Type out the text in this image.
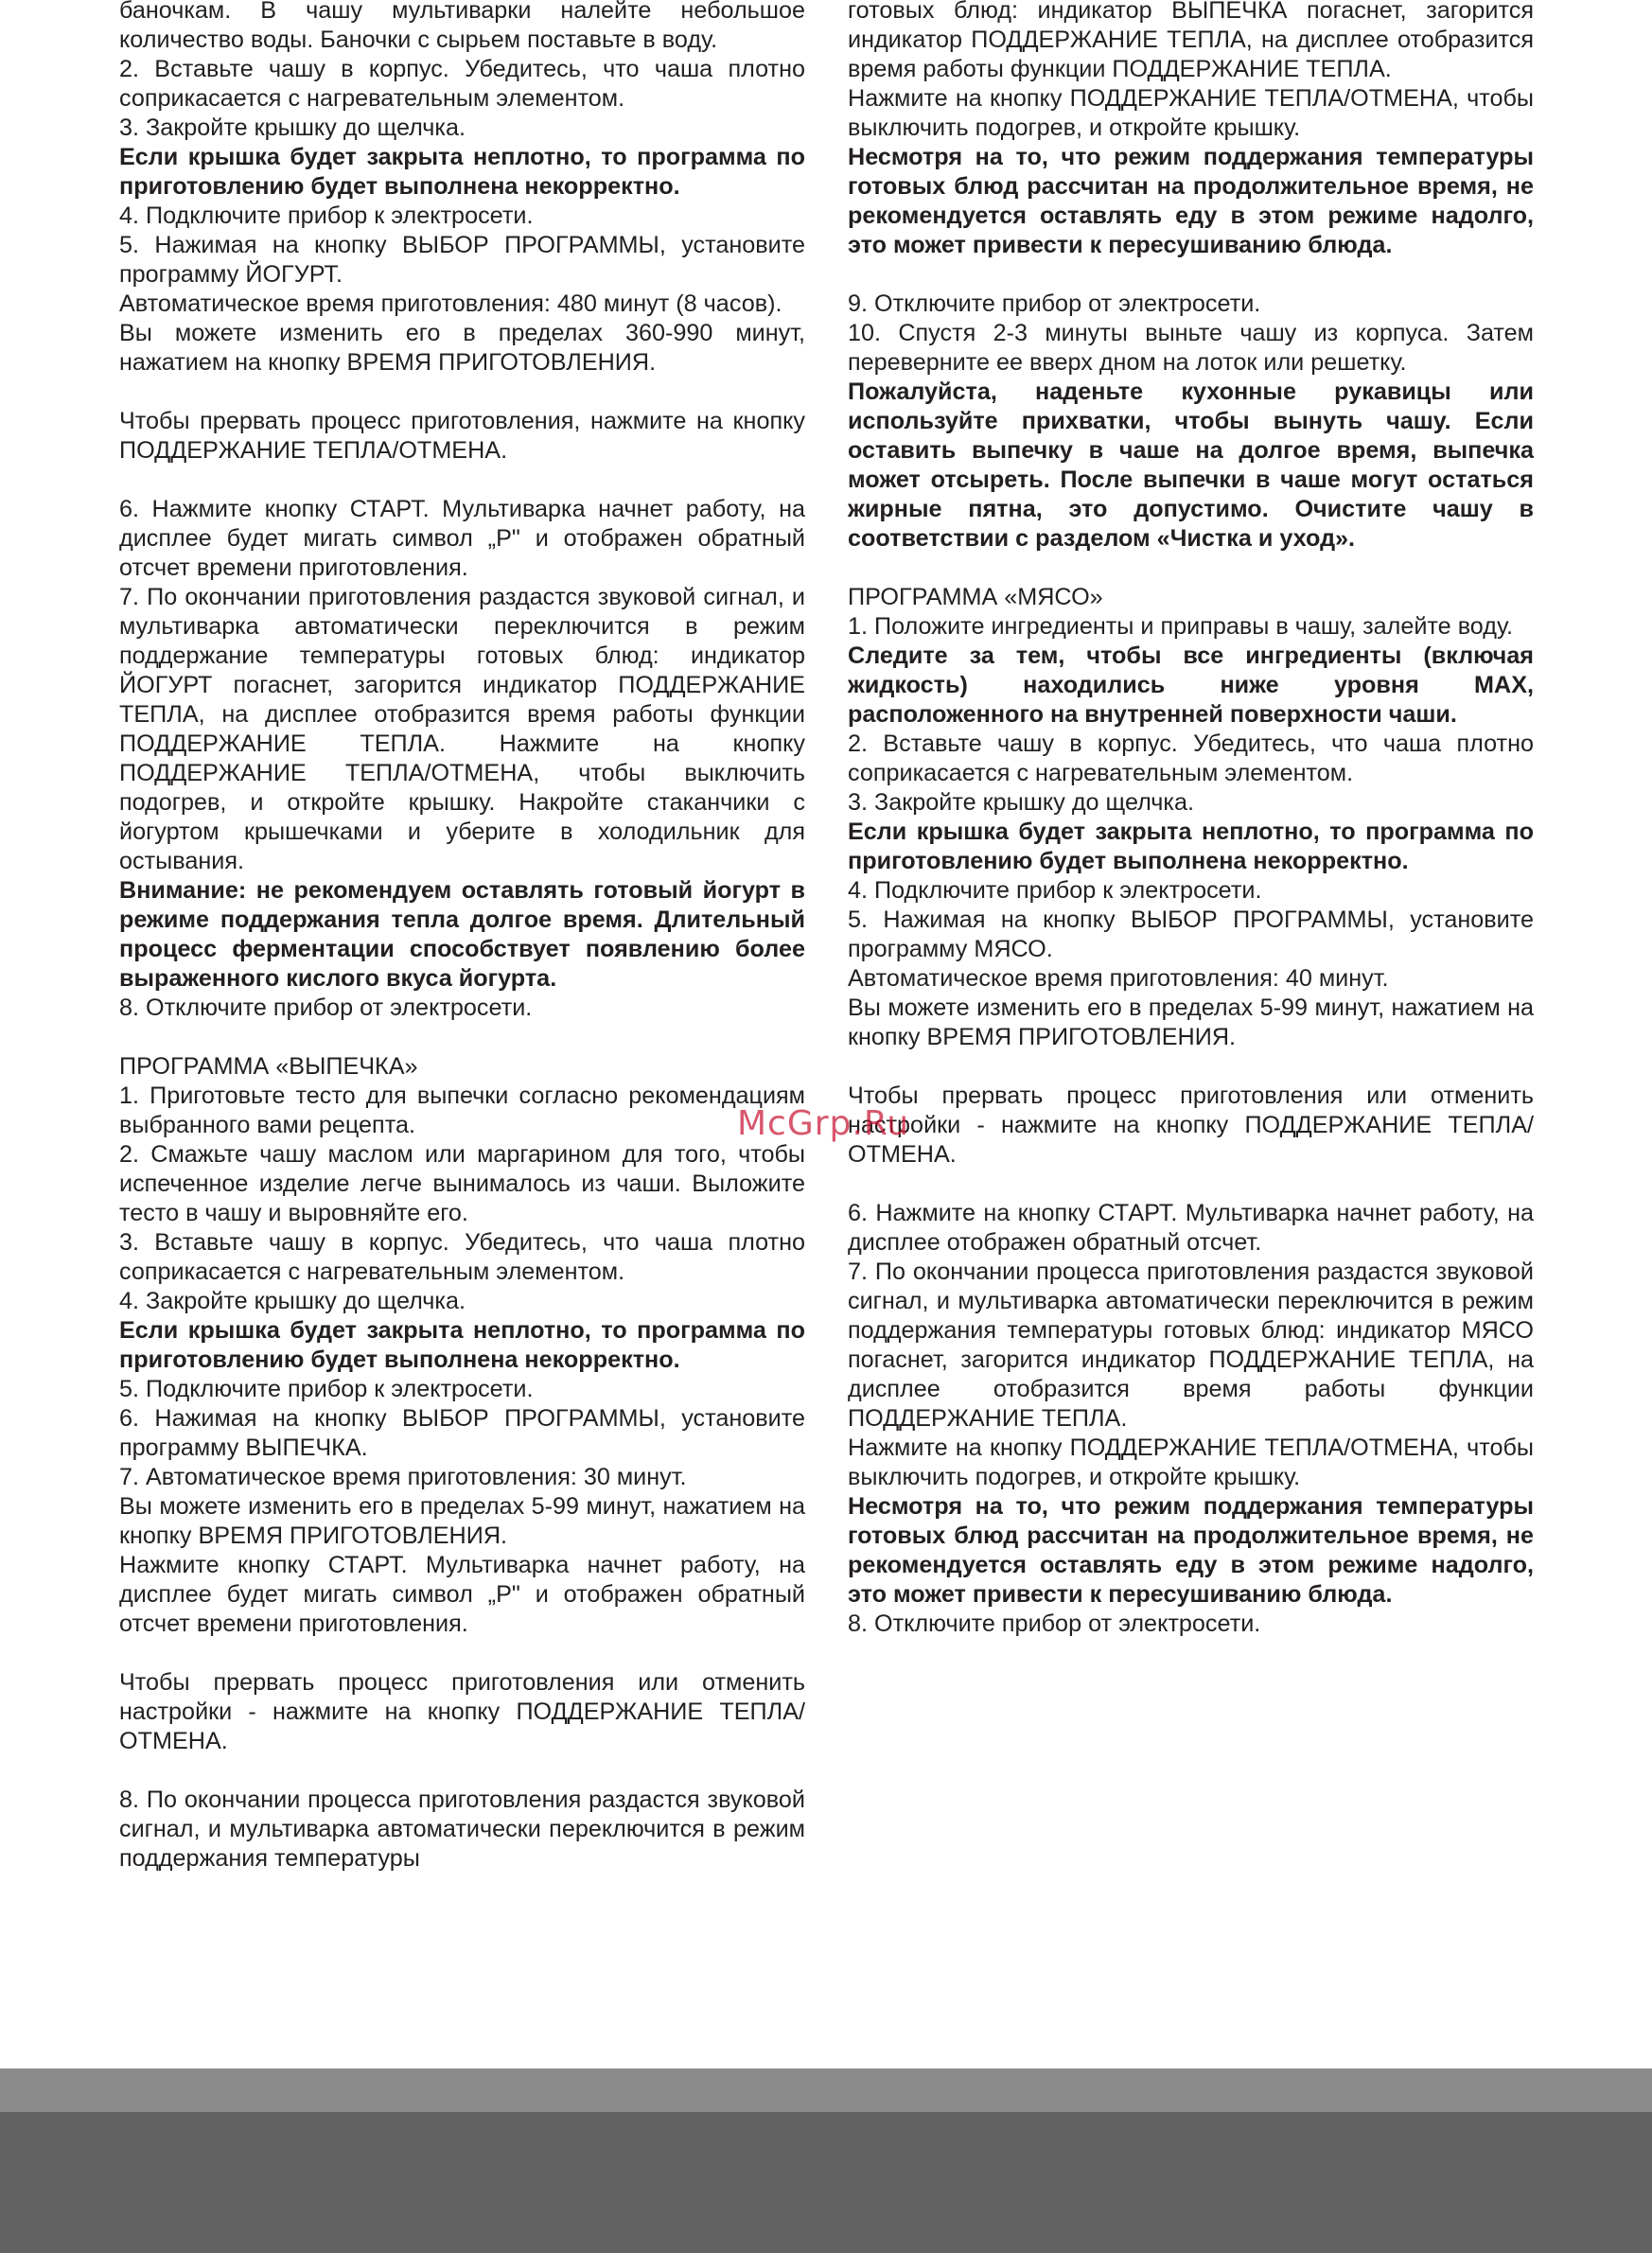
баночкам. В чашу мультиварки налейте небольшое количество воды. Баночки с сырьем поставьте в воду.

2. Вставьте чашу в корпус. Убедитесь, что чаша плотно соприкасается с нагревательным элементом.

3. Закройте крышку до щелчка.

Если крышка будет закрыта неплотно, то программа по приготовлению будет выполнена некорректно.

4. Подключите прибор к электросети.

5. Нажимая на кнопку ВЫБОР ПРОГРАММЫ, установите программу ЙОГУРТ.

Автоматическое время приготовления: 480 минут (8 часов).

Вы можете изменить его в пределах 360-990 минут, нажатием на кнопку ВРЕМЯ ПРИГОТОВЛЕНИЯ.

Чтобы прервать процесс приготовления, нажмите на кнопку ПОДДЕРЖАНИЕ ТЕПЛА/ОТМЕНА.

6. Нажмите кнопку СТАРТ. Мультиварка начнет работу, на дисплее будет мигать символ „Р" и отображен обратный отсчет времени приготовления.

7. По окончании приготовления раздастся звуковой сигнал, и мультиварка автоматически переключится в режим поддержание температуры готовых блюд: индикатор ЙОГУРТ погаснет, загорится индикатор ПОДДЕРЖАНИЕ ТЕПЛА, на дисплее отобразится время работы функции ПОДДЕРЖАНИЕ ТЕПЛА. Нажмите на кнопку ПОДДЕРЖАНИЕ ТЕПЛА/ОТМЕНА, чтобы выключить подогрев, и откройте крышку. Накройте стаканчики с йогуртом крышечками и уберите в холодильник для остывания.

Внимание: не рекомендуем оставлять готовый йогурт в режиме поддержания тепла долгое время. Длительный процесс ферментации способствует появлению более выраженного кислого вкуса йогурта.

8. Отключите прибор от электросети.

ПРОГРАММА «ВЫПЕЧКА»

1. Приготовьте тесто для выпечки согласно рекомендациям выбранного вами рецепта.

2. Смажьте чашу маслом или маргарином для того, чтобы испеченное изделие легче вынималось из чаши. Выложите тесто в чашу и выровняйте его.

3. Вставьте чашу в корпус. Убедитесь, что чаша плотно соприкасается с нагревательным элементом.

4. Закройте крышку до щелчка.

Если крышка будет закрыта неплотно, то программа по приготовлению будет выполнена некорректно.

5. Подключите прибор к электросети.

6. Нажимая на кнопку ВЫБОР ПРОГРАММЫ, установите программу ВЫПЕЧКА.

7. Автоматическое время приготовления: 30 минут.

Вы можете изменить его в пределах 5-99 минут, нажатием на кнопку ВРЕМЯ ПРИГОТОВЛЕНИЯ.

Нажмите кнопку СТАРТ. Мультиварка начнет работу, на дисплее будет мигать символ „Р" и отображен обратный отсчет времени приготовления.

Чтобы прервать процесс приготовления или отменить настройки - нажмите на кнопку ПОДДЕРЖАНИЕ ТЕПЛА/ОТМЕНА.

8. По окончании процесса приготовления раздастся звуковой сигнал, и мультиварка автоматически переключится в режим поддержания температуры

готовых блюд: индикатор ВЫПЕЧКА погаснет, загорится индикатор ПОДДЕРЖАНИЕ ТЕПЛА, на дисплее отобразится время работы функции ПОДДЕРЖАНИЕ ТЕПЛА.

Нажмите на кнопку ПОДДЕРЖАНИЕ ТЕПЛА/ОТМЕНА, чтобы выключить подогрев, и откройте крышку.

Несмотря на то, что режим поддержания температуры готовых блюд рассчитан на продолжительное время, не рекомендуется оставлять еду в этом режиме надолго, это может привести к пересушиванию блюда.

9. Отключите прибор от электросети.

10. Спустя 2-3 минуты выньте чашу из корпуса. Затем переверните ее вверх дном на лоток или решетку.

Пожалуйста, наденьте кухонные рукавицы или используйте прихватки, чтобы вынуть чашу. Если оставить выпечку в чаше на долгое время, выпечка может отсыреть. После выпечки в чаше могут остаться жирные пятна, это допустимо. Очистите чашу в соответствии с разделом «Чистка и уход».

ПРОГРАММА «МЯСО»

1. Положите ингредиенты и приправы в чашу, залейте воду.

Следите за тем, чтобы все ингредиенты (включая жидкость) находились ниже уровня MAX, расположенного на внутренней поверхности чаши.

2. Вставьте чашу в корпус. Убедитесь, что чаша плотно соприкасается с нагревательным элементом.

3. Закройте крышку до щелчка.

Если крышка будет закрыта неплотно, то программа по приготовлению будет выполнена некорректно.

4. Подключите прибор к электросети.

5. Нажимая на кнопку ВЫБОР ПРОГРАММЫ, установите программу МЯСО.

Автоматическое время приготовления: 40 минут.

Вы можете изменить его в пределах 5-99 минут, нажатием на кнопку ВРЕМЯ ПРИГОТОВЛЕНИЯ.

Чтобы прервать процесс приготовления или отменить настройки - нажмите на кнопку ПОДДЕРЖАНИЕ ТЕПЛА/ОТМЕНА.

6. Нажмите на кнопку СТАРТ. Мультиварка начнет работу, на дисплее отображен обратный отсчет.

7. По окончании процесса приготовления раздастся звуковой сигнал, и мультиварка автоматически переключится в режим поддержания температуры готовых блюд: индикатор МЯСО погаснет, загорится индикатор ПОДДЕРЖАНИЕ ТЕПЛА, на дисплее отобразится время работы функции ПОДДЕРЖАНИЕ ТЕПЛА.

Нажмите на кнопку ПОДДЕРЖАНИЕ ТЕПЛА/ОТМЕНА, чтобы выключить подогрев, и откройте крышку.

Несмотря на то, что режим поддержания температуры готовых блюд рассчитан на продолжительное время, не рекомендуется оставлять еду в этом режиме надолго, это может привести к пересушиванию блюда.

8. Отключите прибор от электросети.

McGrp.Ru
